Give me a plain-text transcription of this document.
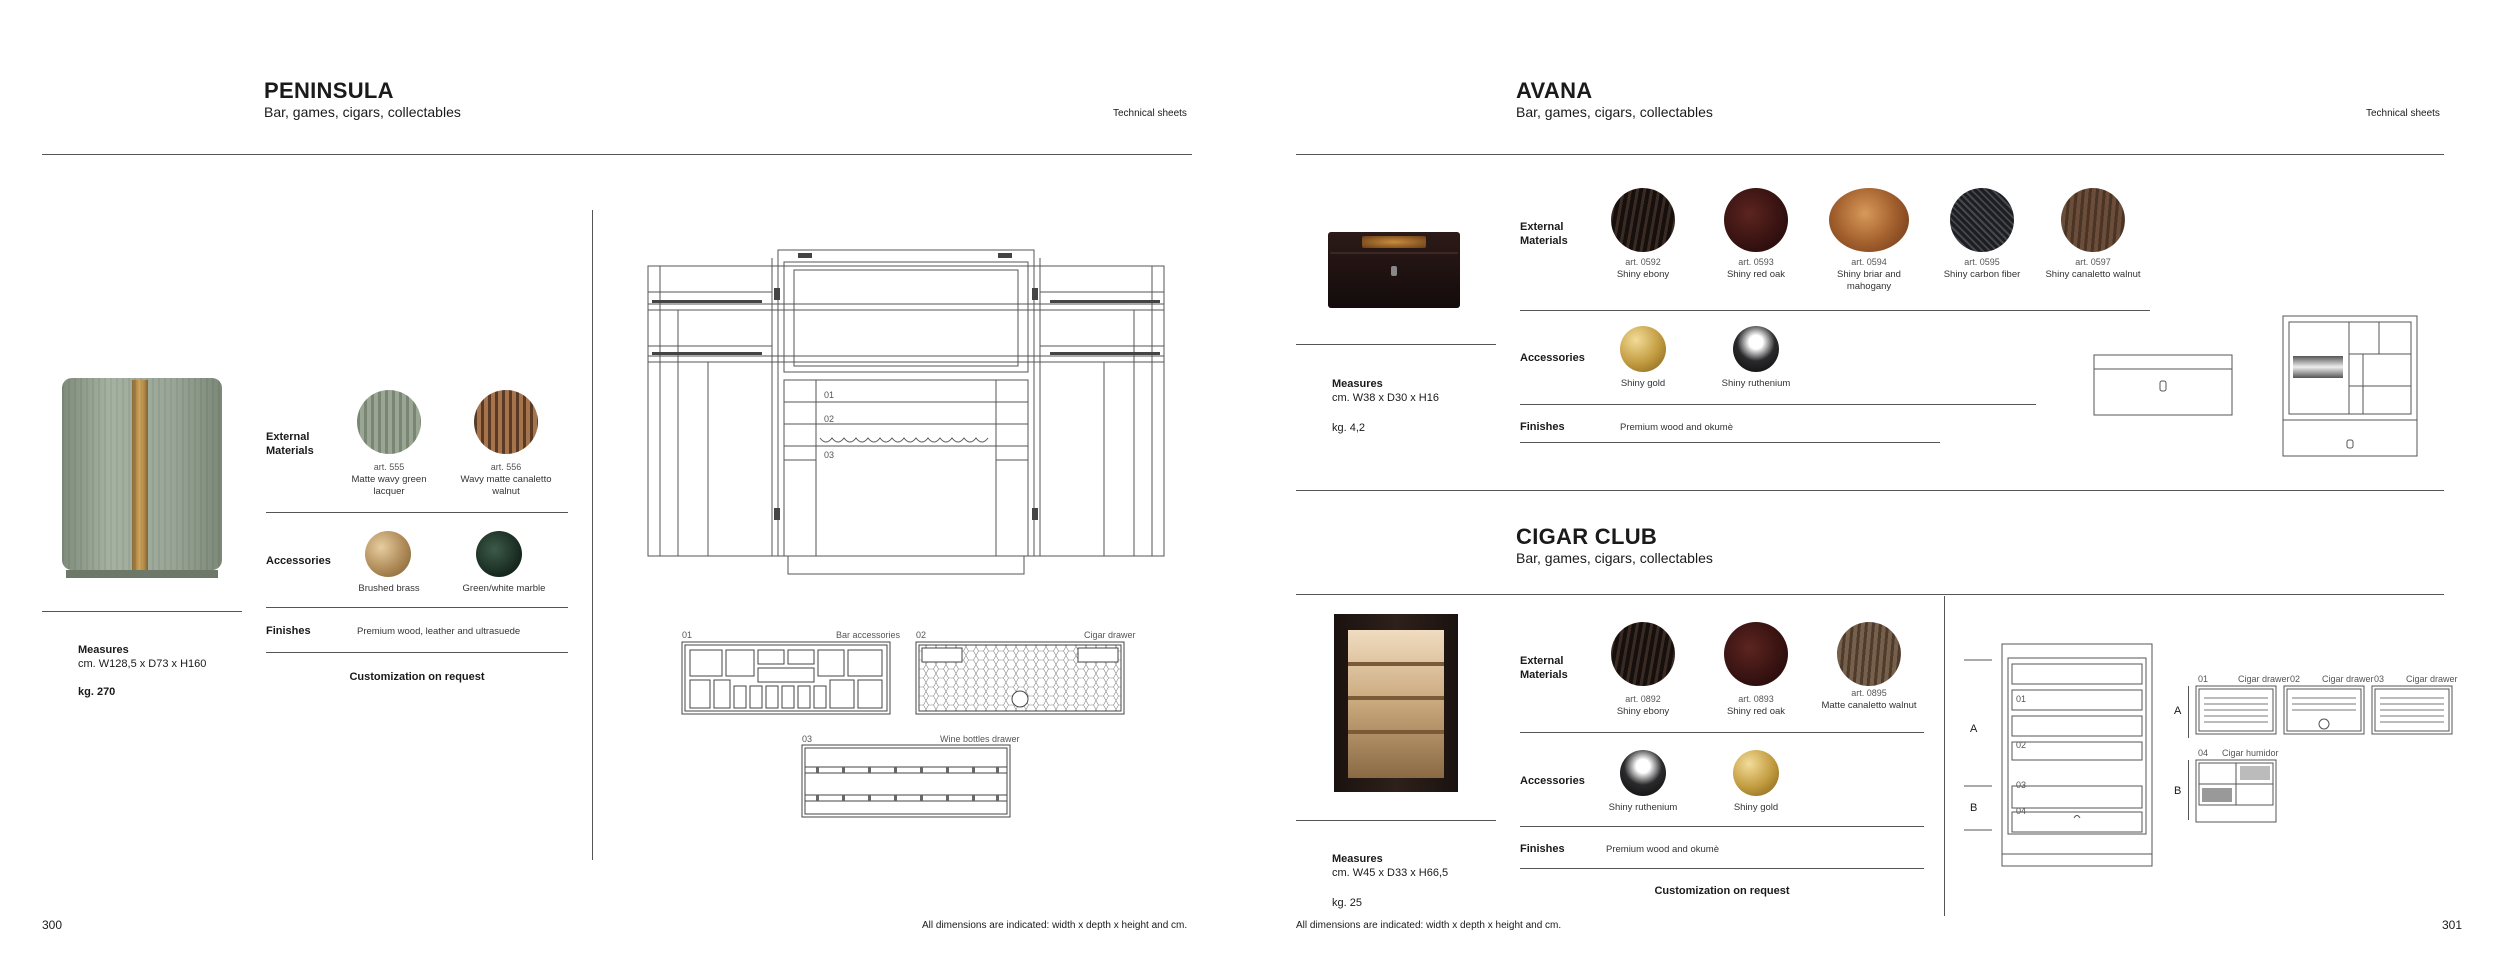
PENINSULA
Bar, games, cigars, collectables	Technical sheets
Measures
cm. W128,5 x D73 x H160
kg. 270
External
Materials
art. 555
Matte wavy green lacquer
art. 556
Wavy matte canaletto walnut
Accessories
Brushed brass	Green/white marble
Finishes	Premium wood, leather and ultrasuede
Customization on request
01
02
03
01	Bar accessories 02	Cigar drawer
03	Wine bottles drawer
300	All dimensions are indicated: width x depth x height and cm.
AVANA
Bar, games, cigars, collectables	Technical sheets
Measures
cm. W38 x D30 x H16
kg. 4,2
External
Materials
art. 0592
Shiny ebony
art. 0593
Shiny red oak
art. 0594
Shiny briar and mahogany
art. 0595
Shiny carbon fiber
art. 0597
Shiny canaletto walnut
Accessories
Shiny gold	Shiny ruthenium
Finishes	Premium wood and okumè
CIGAR CLUB
Bar, games, cigars, collectables
Measures
cm. W45 x D33 x H66,5
kg. 25
External
Materials
art. 0892
Shiny ebony
art. 0893
Shiny red oak
art. 0895
Matte canaletto walnut
Accessories
Shiny ruthenium	Shiny gold
Finishes	Premium wood and okumè
Customization on request
A
B
01
02
03
04
A
B
01	Cigar drawer 02 Cigar drawer 03 Cigar drawer
04 Cigar humidor
All dimensions are indicated: width x depth x height and cm.	301
